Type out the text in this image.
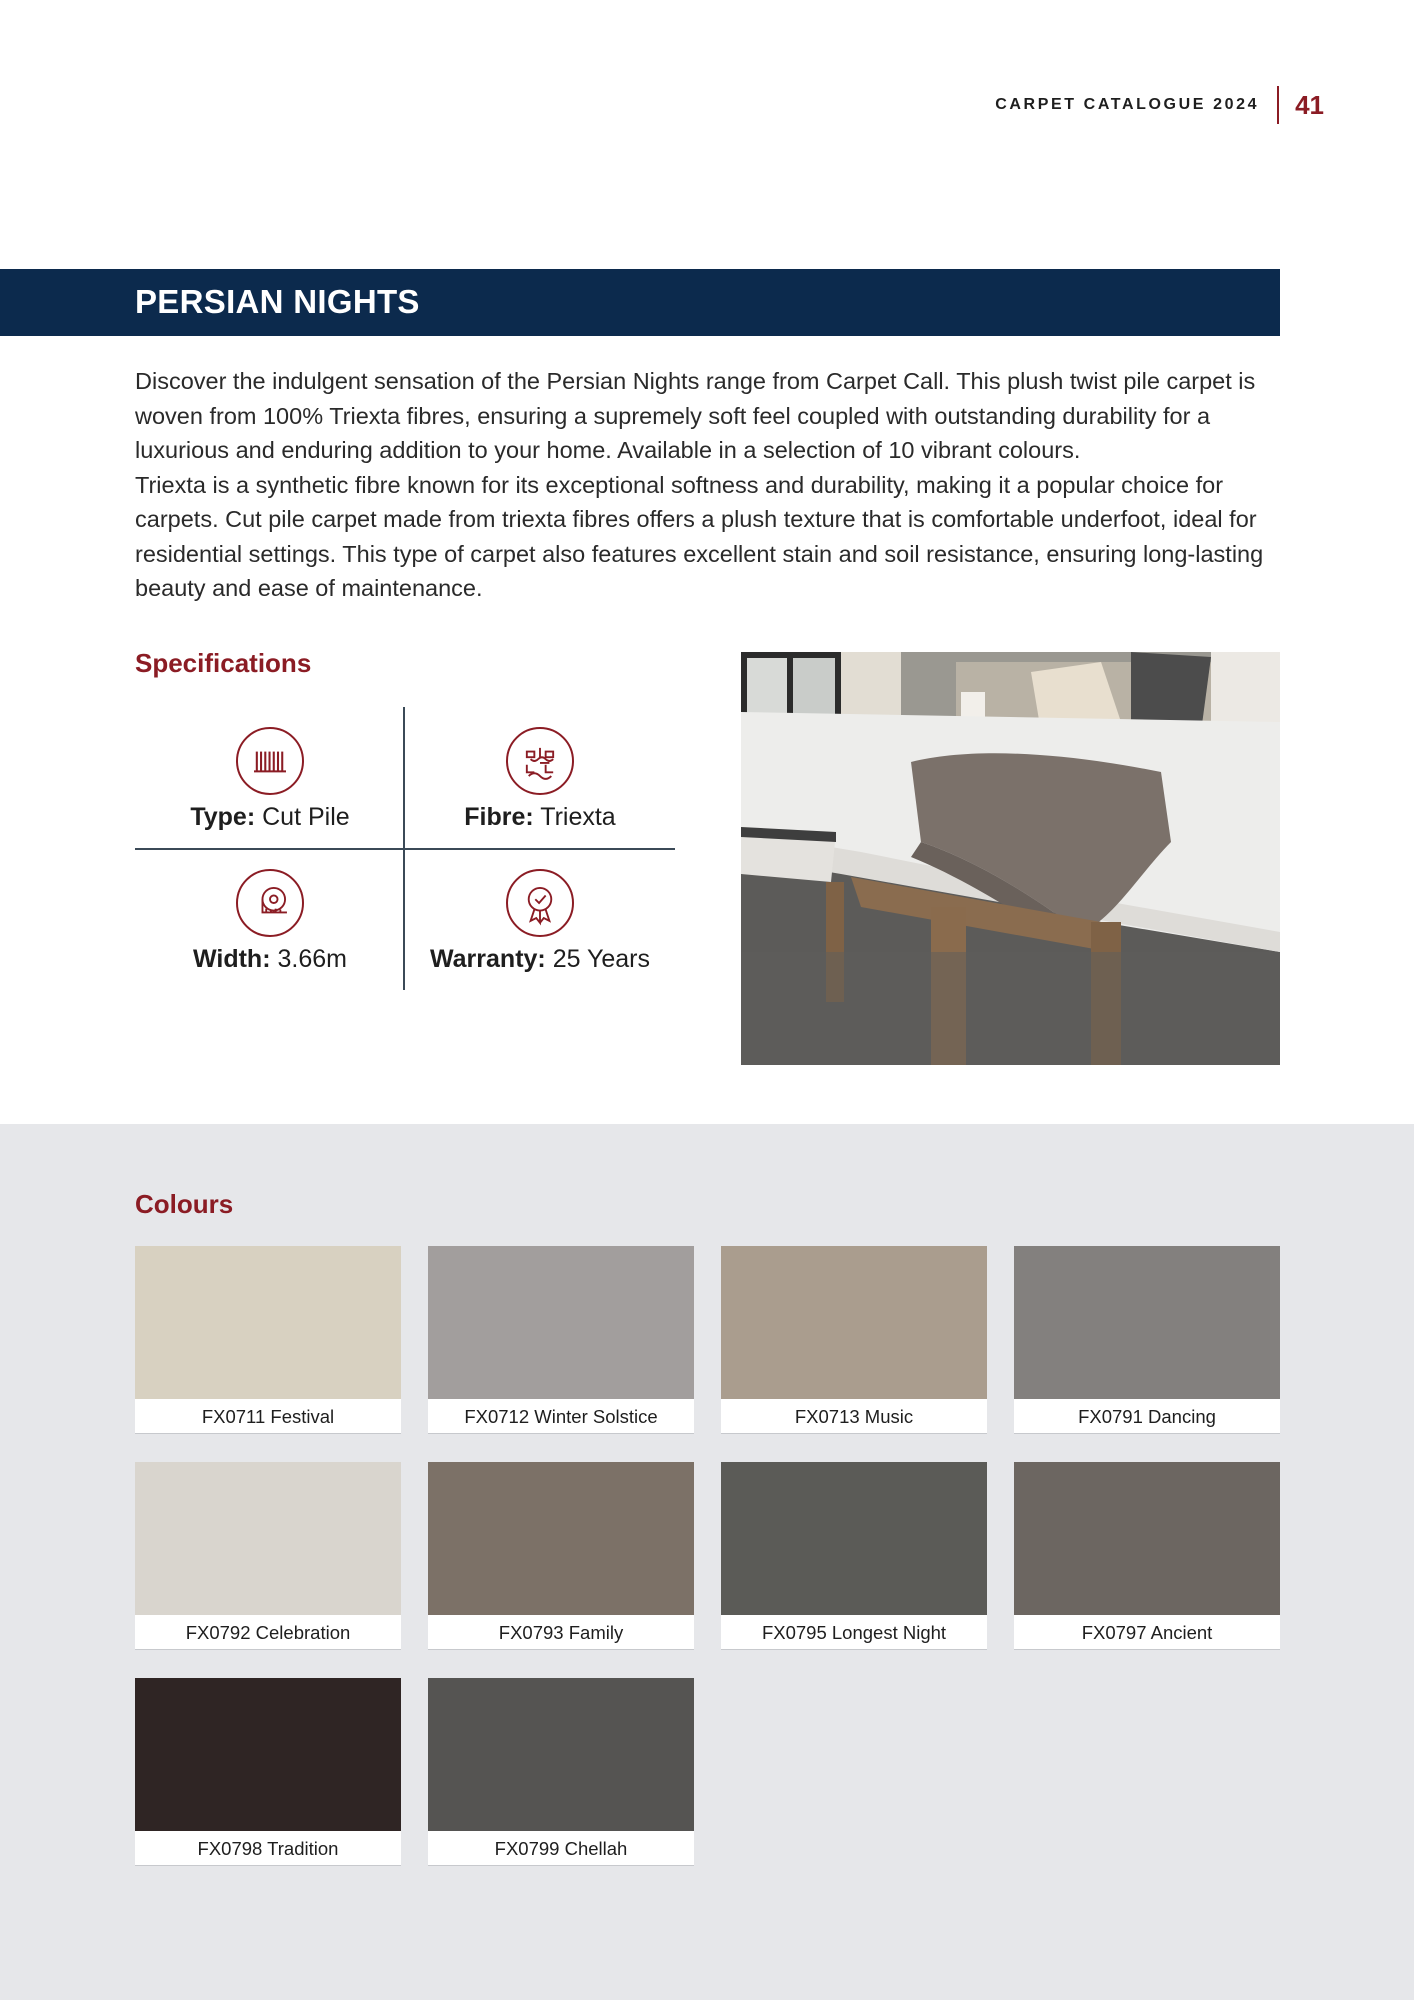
CARPET CATALOGUE 2024 41
PERSIAN NIGHTS

Discover the indulgent sensation of the Persian Nights range from Carpet Call. This plush twist pile carpet is woven from 100% Triexta fibres, ensuring a supremely soft feel coupled with outstanding durability for a luxurious and enduring addition to your home. Available in a selection of 10 vibrant colours.

Triexta is a synthetic fibre known for its exceptional softness and durability, making it a popular choice for carpets. Cut pile carpet made from triexta fibres offers a plush texture that is comfortable underfoot, ideal for residential settings. This type of carpet also features excellent stain and soil resistance, ensuring long-lasting beauty and ease of maintenance.

Specifications
Type: Cut Pile	Fibre: Triexta
Width: 3.66m	Warranty: 25 Years
Colours
FX0711 Festival	FX0712 Winter Solstice	FX0713 Music	FX0791 Dancing
FX0792 Celebration	FX0793 Family	FX0795 Longest Night	FX0797 Ancient
FX0798 Tradition	FX0799 Chellah
